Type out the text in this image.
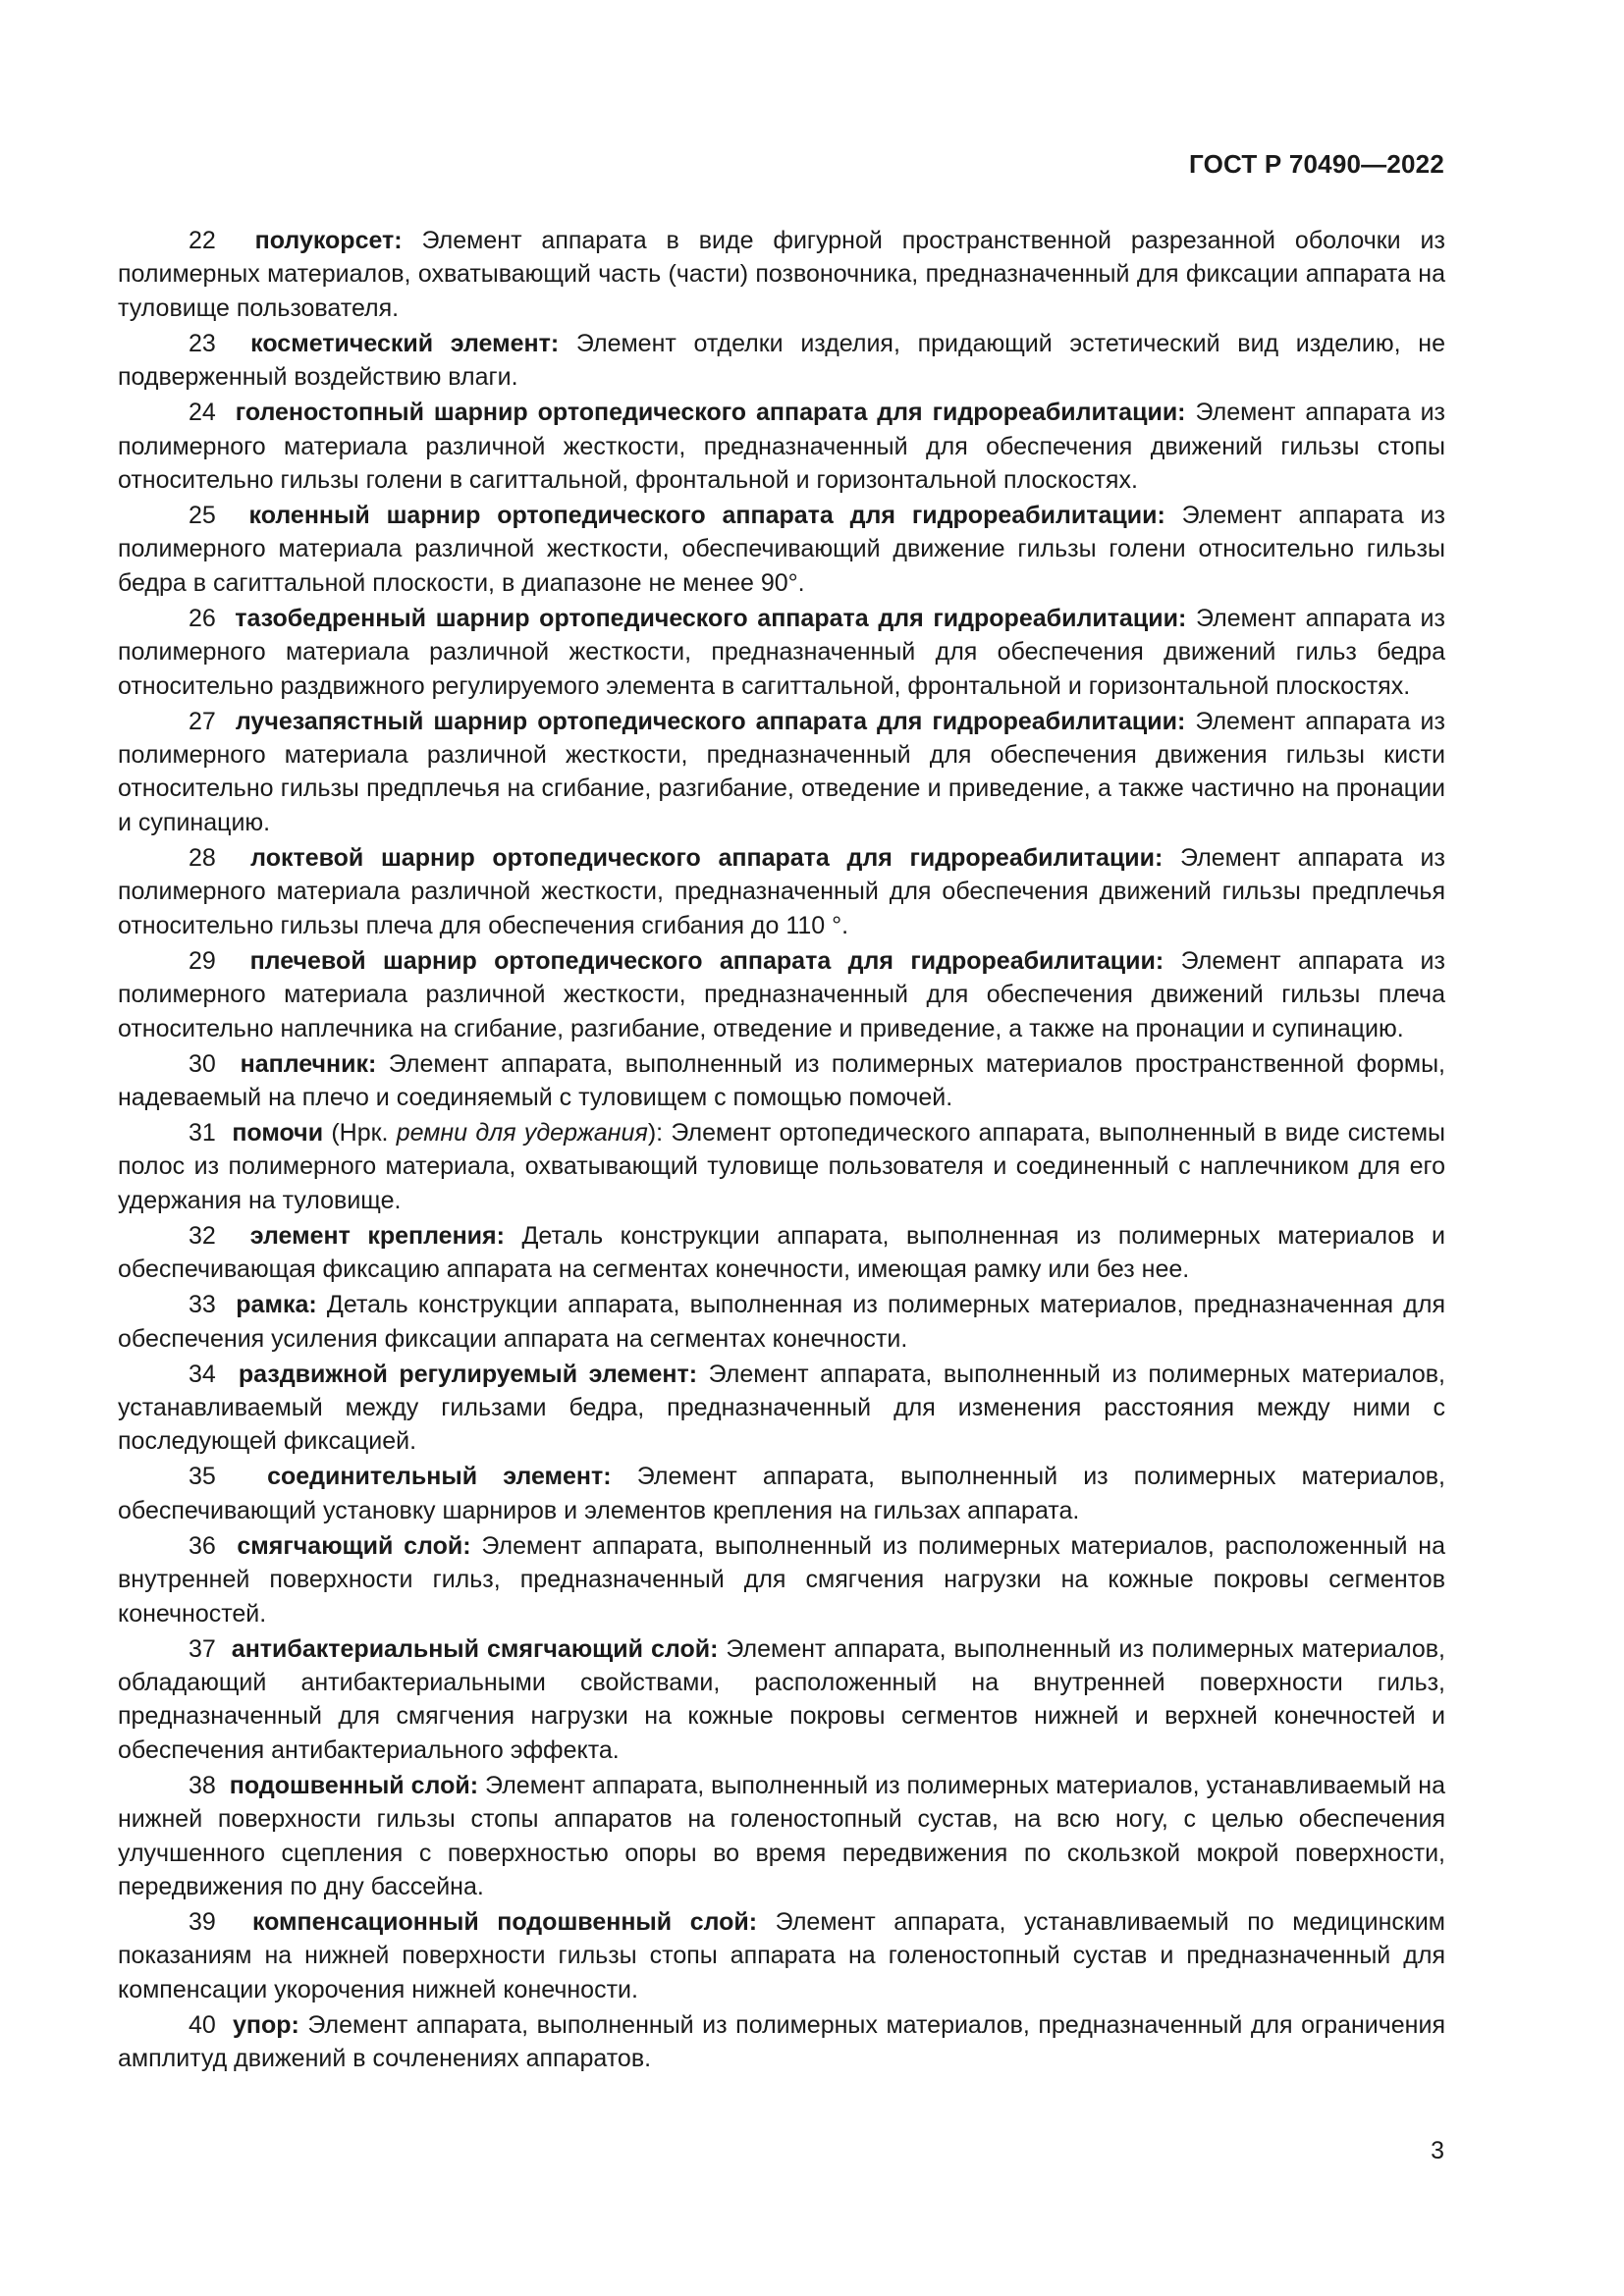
ГОСТ Р 70490—2022

22 полукорсет: Элемент аппарата в виде фигурной пространственной разрезанной оболочки из полимерных материалов, охватывающий часть (части) позвоночника, предназначенный для фиксации аппарата на туловище пользователя.

23 косметический элемент: Элемент отделки изделия, придающий эстетический вид изделию, не подверженный воздействию влаги.

24 голеностопный шарнир ортопедического аппарата для гидрореабилитации: Элемент аппарата из полимерного материала различной жесткости, предназначенный для обеспечения движений гильзы стопы относительно гильзы голени в сагиттальной, фронтальной и горизонтальной плоскостях.

25 коленный шарнир ортопедического аппарата для гидрореабилитации: Элемент аппарата из полимерного материала различной жесткости, обеспечивающий движение гильзы голени относительно гильзы бедра в сагиттальной плоскости, в диапазоне не менее 90°.

26 тазобедренный шарнир ортопедического аппарата для гидрореабилитации: Элемент аппарата из полимерного материала различной жесткости, предназначенный для обеспечения движений гильз бедра относительно раздвижного регулируемого элемента в сагиттальной, фронтальной и горизонтальной плоскостях.

27 лучезапястный шарнир ортопедического аппарата для гидрореабилитации: Элемент аппарата из полимерного материала различной жесткости, предназначенный для обеспечения движения гильзы кисти относительно гильзы предплечья на сгибание, разгибание, отведение и приведение, а также частично на пронации и супинацию.

28 локтевой шарнир ортопедического аппарата для гидрореабилитации: Элемент аппарата из полимерного материала различной жесткости, предназначенный для обеспечения движений гильзы предплечья относительно гильзы плеча для обеспечения сгибания до 110 °.

29 плечевой шарнир ортопедического аппарата для гидрореабилитации: Элемент аппарата из полимерного материала различной жесткости, предназначенный для обеспечения движений гильзы плеча относительно наплечника на сгибание, разгибание, отведение и приведение, а также на пронации и супинацию.

30 наплечник: Элемент аппарата, выполненный из полимерных материалов пространственной формы, надеваемый на плечо и соединяемый с туловищем с помощью помочей.

31 помочи (Нрк. ремни для удержания): Элемент ортопедического аппарата, выполненный в виде системы полос из полимерного материала, охватывающий туловище пользователя и соединенный с наплечником для его удержания на туловище.

32 элемент крепления: Деталь конструкции аппарата, выполненная из полимерных материалов и обеспечивающая фиксацию аппарата на сегментах конечности, имеющая рамку или без нее.

33 рамка: Деталь конструкции аппарата, выполненная из полимерных материалов, предназначенная для обеспечения усиления фиксации аппарата на сегментах конечности.

34 раздвижной регулируемый элемент: Элемент аппарата, выполненный из полимерных материалов, устанавливаемый между гильзами бедра, предназначенный для изменения расстояния между ними с последующей фиксацией.

35 соединительный элемент: Элемент аппарата, выполненный из полимерных материалов, обеспечивающий установку шарниров и элементов крепления на гильзах аппарата.

36 смягчающий слой: Элемент аппарата, выполненный из полимерных материалов, расположенный на внутренней поверхности гильз, предназначенный для смягчения нагрузки на кожные покровы сегментов конечностей.

37 антибактериальный смягчающий слой: Элемент аппарата, выполненный из полимерных материалов, обладающий антибактериальными свойствами, расположенный на внутренней поверхности гильз, предназначенный для смягчения нагрузки на кожные покровы сегментов нижней и верхней конечностей и обеспечения антибактериального эффекта.

38 подошвенный слой: Элемент аппарата, выполненный из полимерных материалов, устанавливаемый на нижней поверхности гильзы стопы аппаратов на голеностопный сустав, на всю ногу, с целью обеспечения улучшенного сцепления с поверхностью опоры во время передвижения по скользкой мокрой поверхности, передвижения по дну бассейна.

39 компенсационный подошвенный слой: Элемент аппарата, устанавливаемый по медицинским показаниям на нижней поверхности гильзы стопы аппарата на голеностопный сустав и предназначенный для компенсации укорочения нижней конечности.

40 упор: Элемент аппарата, выполненный из полимерных материалов, предназначенный для ограничения амплитуд движений в сочленениях аппаратов.

3
